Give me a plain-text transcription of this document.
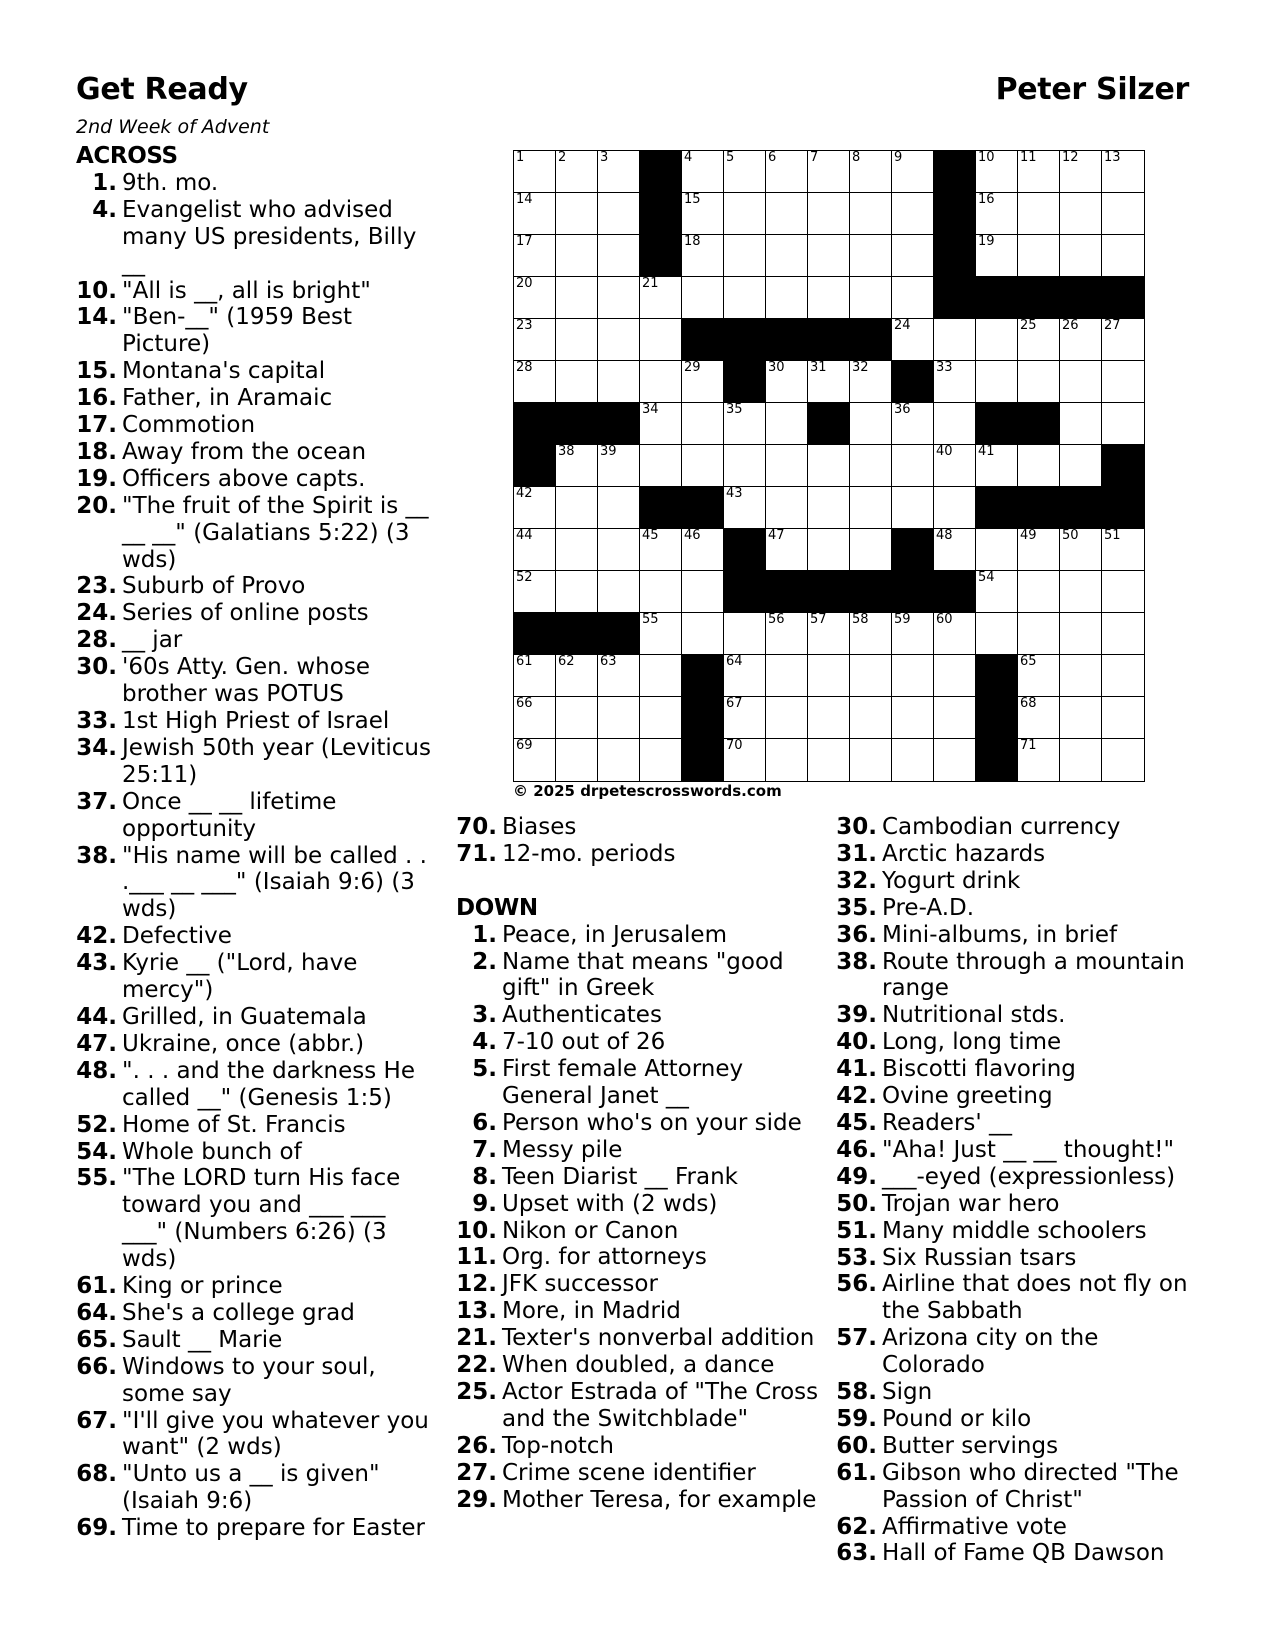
Get Ready	Peter Silzer
2nd Week of Advent
ACROSS
1. 9th. mo.
4. Evangelist who advised many US presidents, Billy __
10. "All is __, all is bright"
14. "Ben-__" (1959 Best Picture)
15. Montana's capital
16. Father, in Aramaic
17. Commotion
18. Away from the ocean
19. Officers above capts.
20. "The fruit of the Spirit is __ __ __" (Galatians 5:22) (3 wds)
23. Suburb of Provo
24. Series of online posts
28. __ jar
30. '60s Atty. Gen. whose brother was POTUS
33. 1st High Priest of Israel
34. Jewish 50th year (Leviticus 25:11)
37. Once __ __ lifetime opportunity
38. "His name will be called . . .___ __ ___" (Isaiah 9:6) (3 wds)
42. Defective
43. Kyrie __ ("Lord, have mercy")
44. Grilled, in Guatemala
47. Ukraine, once (abbr.)
48. ". . . and the darkness He called __" (Genesis 1:5)
52. Home of St. Francis
54. Whole bunch of
55. "The LORD turn His face toward you and ___ ___ ___" (Numbers 6:26) (3 wds)
61. King or prince
64. She's a college grad
65. Sault __ Marie
66. Windows to your soul, some say
67. "I'll give you whatever you want" (2 wds)
68. "Unto us a __ is given" (Isaiah 9:6)
69. Time to prepare for Easter
1	2	3	4	5	6	7	8	9	10 11 12 13
14	15	16
17	18	19
20	21
23	24	25 26 27
28	29	30 31 32	33
34	35	36
38 39	40 41
42	43
44	45 46	47	48	49 50 51
52	54
55	56 57 58 59 60
61 62 63	64	65
66	67	68
69	70	71
© 2025 drpetescrosswords.com
70. Biases
71. 12-mo. periods
DOWN
1. Peace, in Jerusalem
2. Name that means "good gift" in Greek
3. Authenticates
4. 7-10 out of 26
5. First female Attorney General Janet __
6. Person who's on your side
7. Messy pile
8. Teen Diarist __ Frank
9. Upset with (2 wds)
10. Nikon or Canon
11. Org. for attorneys
12. JFK successor
13. More, in Madrid
21. Texter's nonverbal addition
22. When doubled, a dance
25. Actor Estrada of "The Cross and the Switchblade"
26. Top-notch
27. Crime scene identifier
29. Mother Teresa, for example
30. Cambodian currency
31. Arctic hazards
32. Yogurt drink
35. Pre-A.D.
36. Mini-albums, in brief
38. Route through a mountain range
39. Nutritional stds.
40. Long, long time
41. Biscotti flavoring
42. Ovine greeting
45. Readers' __
46. "Aha! Just __ __ thought!"
49. ___-eyed (expressionless)
50. Trojan war hero
51. Many middle schoolers
53. Six Russian tsars
56. Airline that does not fly on the Sabbath
57. Arizona city on the Colorado
58. Sign
59. Pound or kilo
60. Butter servings
61. Gibson who directed "The Passion of Christ"
62. Affirmative vote
63. Hall of Fame QB Dawson
